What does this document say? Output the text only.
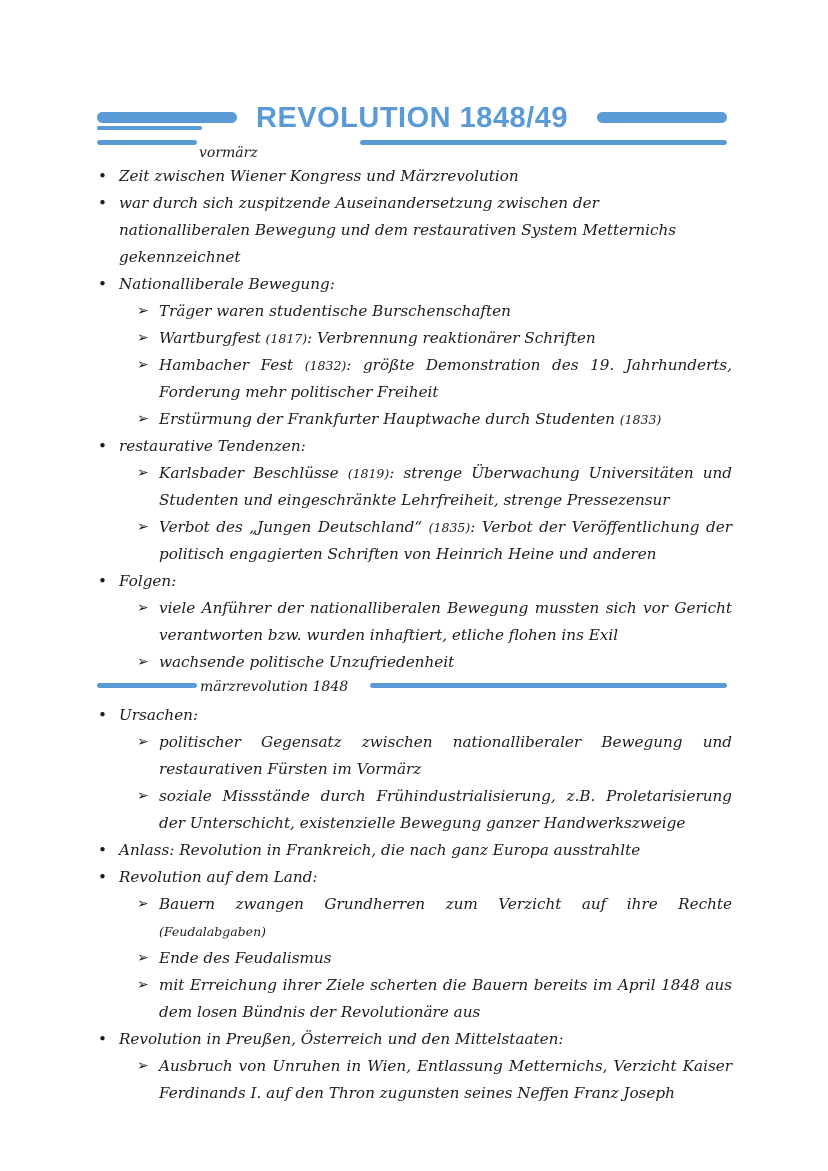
REVOLUTION 1848/49
vormärz
• Zeit zwischen Wiener Kongress und Märzrevolution
• war durch sich zuspitzende Auseinandersetzung zwischen der nationalliberalen Bewegung und dem restaurativen System Metternichs gekennzeichnet
• Nationalliberale Bewegung:
➢ Träger waren studentische Burschenschaften
➢ Wartburgfest (1817): Verbrennung reaktionärer Schriften
➢ Hambacher Fest (1832): größte Demonstration des 19. Jahrhunderts, Forderung mehr politischer Freiheit
➢ Erstürmung der Frankfurter Hauptwache durch Studenten (1833)
• restaurative Tendenzen:
➢ Karlsbader Beschlüsse (1819): strenge Überwachung Universitäten und Studenten und eingeschränkte Lehrfreiheit, strenge Pressezensur
➢ Verbot des „Jungen Deutschland“ (1835): Verbot der Veröffentlichung der politisch engagierten Schriften von Heinrich Heine und anderen
• Folgen:
➢ viele Anführer der nationalliberalen Bewegung mussten sich vor Gericht verantworten bzw. wurden inhaftiert, etliche flohen ins Exil
➢ wachsende politische Unzufriedenheit
märzrevolution 1848
• Ursachen:
➢ politischer Gegensatz zwischen nationalliberaler Bewegung und restaurativen Fürsten im Vormärz
➢ soziale Missstände durch Frühindustrialisierung, z.B. Proletarisierung der Unterschicht, existenzielle Bewegung ganzer Handwerkszweige
• Anlass: Revolution in Frankreich, die nach ganz Europa ausstrahlte
• Revolution auf dem Land:
➢ Bauern zwangen Grundherren zum Verzicht auf ihre Rechte (Feudalabgaben)
➢ Ende des Feudalismus
➢ mit Erreichung ihrer Ziele scherten die Bauern bereits im April 1848 aus dem losen Bündnis der Revolutionäre aus
• Revolution in Preußen, Österreich und den Mittelstaaten:
➢ Ausbruch von Unruhen in Wien, Entlassung Metternichs, Verzicht Kaiser Ferdinands I. auf den Thron zugunsten seines Neffen Franz Joseph
